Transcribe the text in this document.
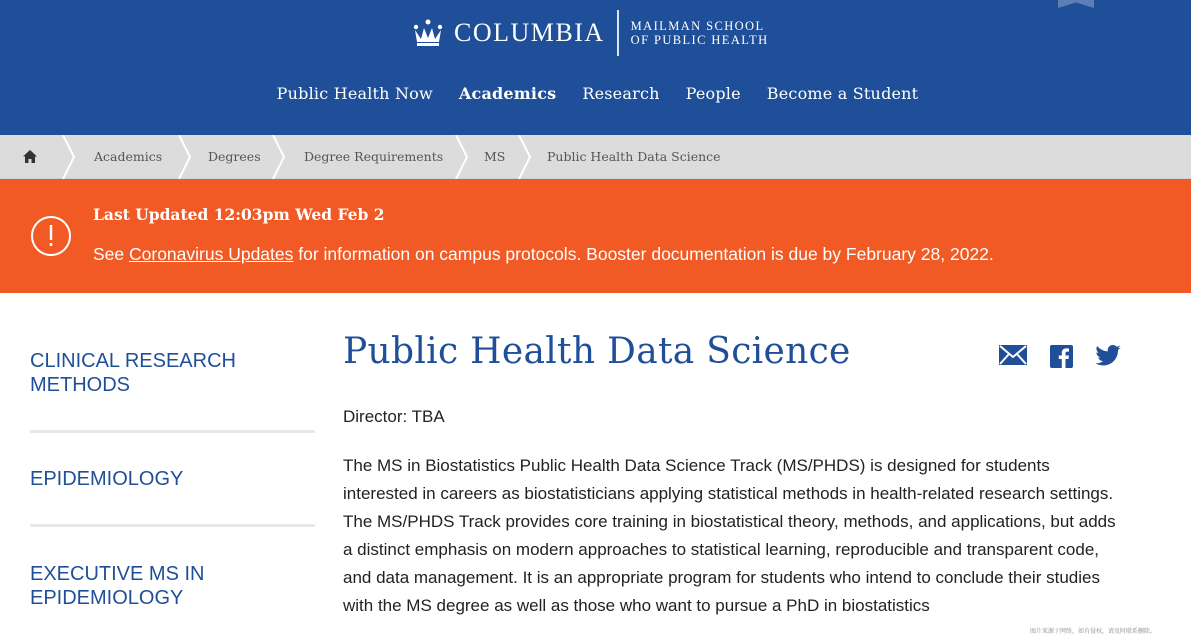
COLUMBIA MAILMAN SCHOOL
OF PUBLIC HEALTH
Public Health Now Academics Research People Become a Student
Academics	Degrees	Degree Requirements	MS	Public Health Data Science
Last Updated 12:03pm Wed Feb 2
See Coronavirus Updates for information on campus protocols. Booster documentation is due by February 28, 2022.
CLINICAL RESEARCH METHODS
EPIDEMIOLOGY
EXECUTIVE MS IN EPIDEMIOLOGY
Public Health Data Science

Director: TBA

The MS in Biostatistics Public Health Data Science Track (MS/PHDS) is designed for students interested in careers as biostatisticians applying statistical methods in health-related research settings. The MS/PHDS Track provides core training in biostatistical theory, methods, and applications, but adds a distinct emphasis on modern approaches to statistical learning, reproducible and transparent code, and data management. It is an appropriate program for students who intend to conclude their studies with the MS degree as well as those who want to pursue a PhD in biostatistics

图片来源于网络，如有侵权，请及时联系删除。
